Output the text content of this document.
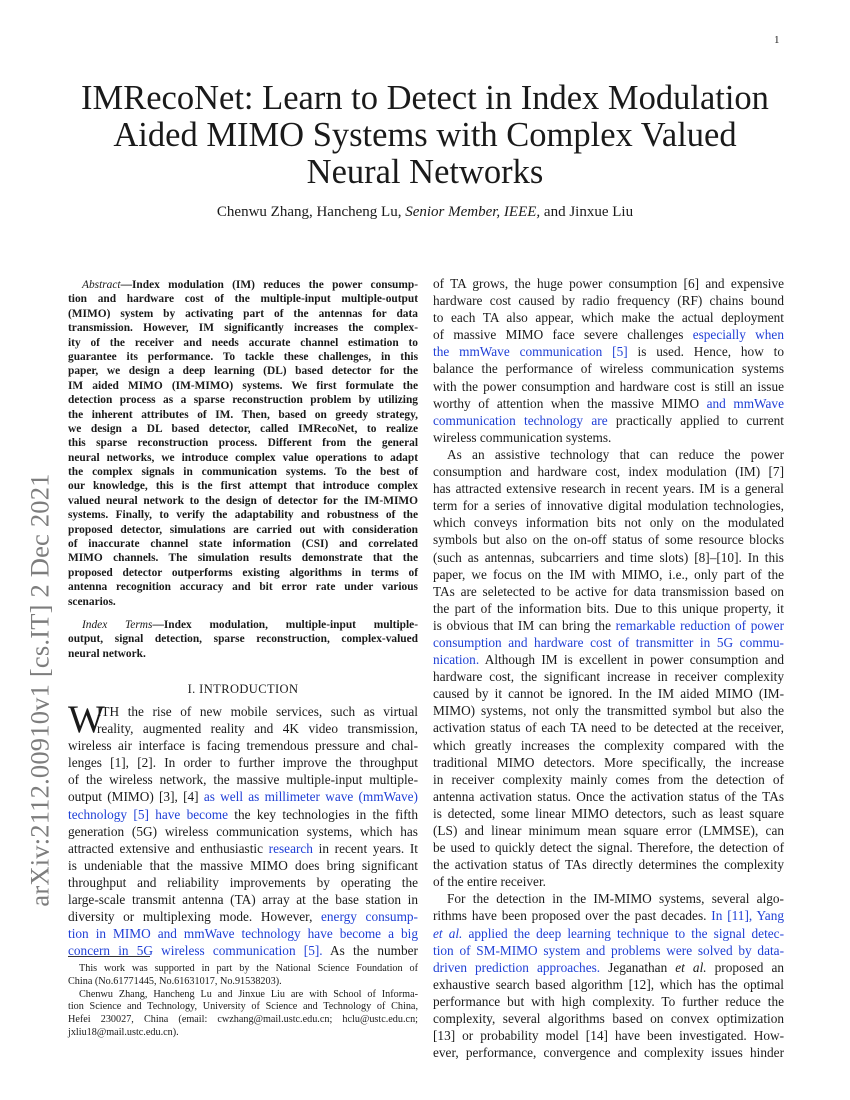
1
arXiv:2112.00910v1 [cs.IT] 2 Dec 2021
IMRecoNet: Learn to Detect in Index Modulation
Aided MIMO Systems with Complex Valued
Neural Networks
Chenwu Zhang, Hancheng Lu, Senior Member, IEEE, and Jinxue Liu
Abstract—Index modulation (IM) reduces the power consump-
tion and hardware cost of the multiple-input multiple-output
(MIMO) system by activating part of the antennas for data
transmission. However, IM significantly increases the complex-
ity of the receiver and needs accurate channel estimation to
guarantee its performance. To tackle these challenges, in this
paper, we design a deep learning (DL) based detector for the
IM aided MIMO (IM-MIMO) systems. We first formulate the
detection process as a sparse reconstruction problem by utilizing
the inherent attributes of IM. Then, based on greedy strategy,
we design a DL based detector, called IMRecoNet, to realize
this sparse reconstruction process. Different from the general
neural networks, we introduce complex value operations to adapt
the complex signals in communication systems. To the best of
our knowledge, this is the first attempt that introduce complex
valued neural network to the design of detector for the IM-MIMO
systems. Finally, to verify the adaptability and robustness of the
proposed detector, simulations are carried out with consideration
of inaccurate channel state information (CSI) and correlated
MIMO channels. The simulation results demonstrate that the
proposed detector outperforms existing algorithms in terms of
antenna recognition accuracy and bit error rate under various
scenarios.
Index Terms—Index modulation, multiple-input multiple-
output, signal detection, sparse reconstruction, complex-valued
neural network.
I. INTRODUCTION
W
ITH the rise of new mobile services, such as virtual
reality, augmented reality and 4K video transmission,
wireless air interface is facing tremendous pressure and chal-
lenges [1], [2]. In order to further improve the throughput
of the wireless network, the massive multiple-input multiple-
output (MIMO) [3], [4] as well as millimeter wave (mmWave)
technology [5] have become the key technologies in the fifth
generation (5G) wireless communication systems, which has
attracted extensive and enthusiastic research in recent years. It
is undeniable that the massive MIMO does bring significant
throughput and reliability improvements by operating the
large-scale transmit antenna (TA) array at the base station in
diversity or multiplexing mode. However, energy consump-
tion in MIMO and mmWave technology have become a big
concern in 5G wireless communication [5]. As the number
This work was supported in part by the National Science Foundation of
China (No.61771445, No.61631017, No.91538203).
Chenwu Zhang, Hancheng Lu and Jinxue Liu are with School of Informa-
tion Science and Technology, University of Science and Technology of China,
Hefei 230027, China (email: cwzhang@mail.ustc.edu.cn; hclu@ustc.edu.cn;
jxliu18@mail.ustc.edu.cn).
of TA grows, the huge power consumption [6] and expensive
hardware cost caused by radio frequency (RF) chains bound
to each TA also appear, which make the actual deployment
of massive MIMO face severe challenges especially when
the mmWave communication [5] is used. Hence, how to
balance the performance of wireless communication systems
with the power consumption and hardware cost is still an issue
worthy of attention when the massive MIMO and mmWave
communication technology are practically applied to current
wireless communication systems.
As an assistive technology that can reduce the power
consumption and hardware cost, index modulation (IM) [7]
has attracted extensive research in recent years. IM is a general
term for a series of innovative digital modulation technologies,
which conveys information bits not only on the modulated
symbols but also on the on-off status of some resource blocks
(such as antennas, subcarriers and time slots) [8]–[10]. In this
paper, we focus on the IM with MIMO, i.e., only part of the
TAs are seletected to be active for data transmission based on
the part of the information bits. Due to this unique property, it
is obvious that IM can bring the remarkable reduction of power
consumption and hardware cost of transmitter in 5G commu-
nication. Although IM is excellent in power consumption and
hardware cost, the significant increase in receiver complexity
caused by it cannot be ignored. In the IM aided MIMO (IM-
MIMO) systems, not only the transmitted symbol but also the
activation status of each TA need to be detected at the receiver,
which greatly increases the complexity compared with the
traditional MIMO detectors. More specifically, the increase
in receiver complexity mainly comes from the detection of
antenna activation status. Once the activation status of the TAs
is detected, some linear MIMO detectors, such as least square
(LS) and linear minimum mean square error (LMMSE), can
be used to quickly detect the signal. Therefore, the detection of
the activation status of TAs directly determines the complexity
of the entire receiver.
For the detection in the IM-MIMO systems, several algo-
rithms have been proposed over the past decades. In [11], Yang
et al. applied the deep learning technique to the signal detec-
tion of SM-MIMO system and problems were solved by data-
driven prediction approaches. Jeganathan et al. proposed an
exhaustive search based algorithm [12], which has the optimal
performance but with high complexity. To further reduce the
complexity, several algorithms based on convex optimization
[13] or probability model [14] have been investigated. How-
ever, performance, convergence and complexity issues hinder
